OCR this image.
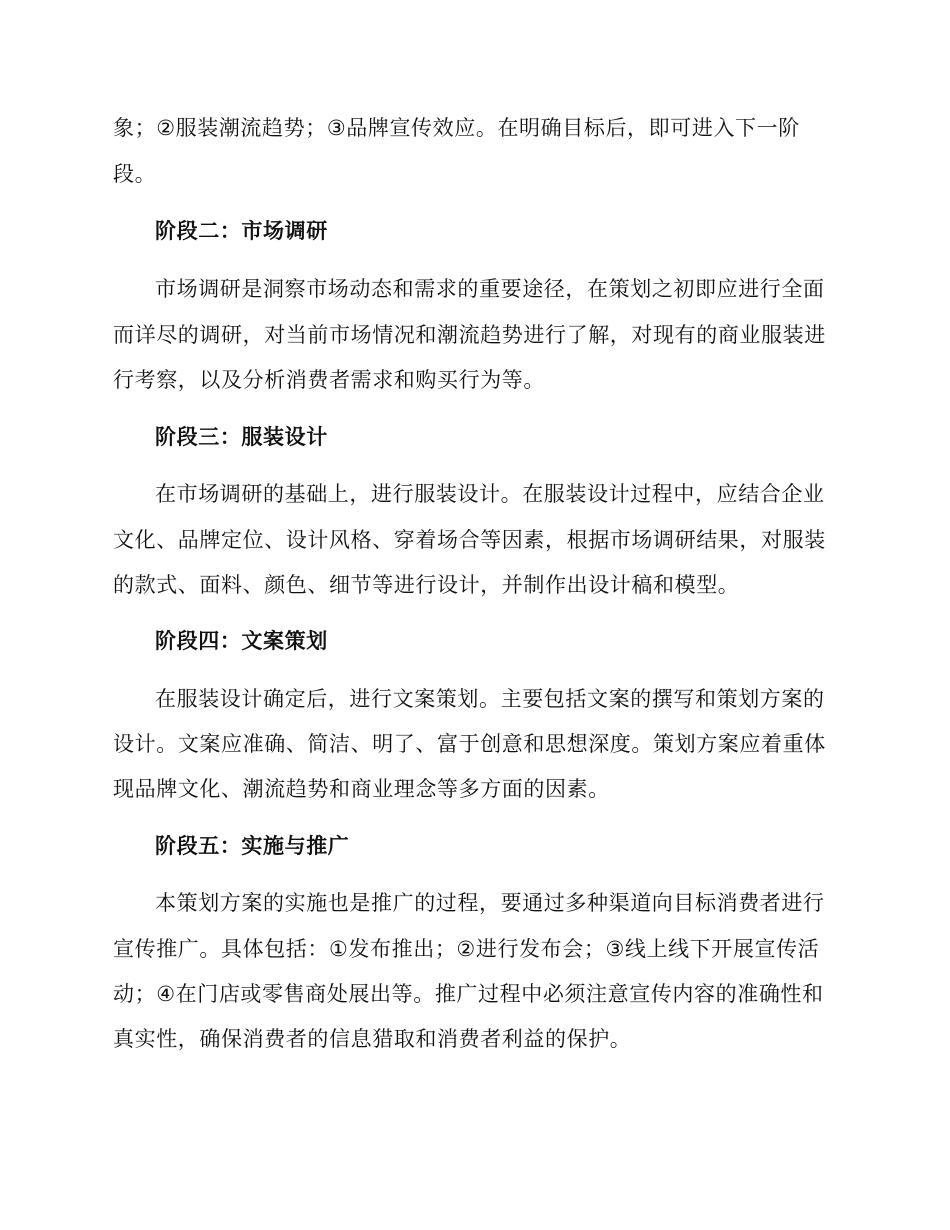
象；②服装潮流趋势；③品牌宣传效应。在明确目标后，即可进入下一阶
段。
阶段二：市场调研
市场调研是洞察市场动态和需求的重要途径，在策划之初即应进行全面
而详尽的调研，对当前市场情况和潮流趋势进行了解，对现有的商业服装进
行考察，以及分析消费者需求和购买行为等。
阶段三：服装设计
在市场调研的基础上，进行服装设计。在服装设计过程中，应结合企业
文化、品牌定位、设计风格、穿着场合等因素，根据市场调研结果，对服装
的款式、面料、颜色、细节等进行设计，并制作出设计稿和模型。
阶段四：文案策划
在服装设计确定后，进行文案策划。主要包括文案的撰写和策划方案的
设计。文案应准确、简洁、明了、富于创意和思想深度。策划方案应着重体
现品牌文化、潮流趋势和商业理念等多方面的因素。
阶段五：实施与推广
本策划方案的实施也是推广的过程，要通过多种渠道向目标消费者进行
宣传推广。具体包括：①发布推出；②进行发布会；③线上线下开展宣传活
动；④在门店或零售商处展出等。推广过程中必须注意宣传内容的准确性和
真实性，确保消费者的信息猎取和消费者利益的保护。
